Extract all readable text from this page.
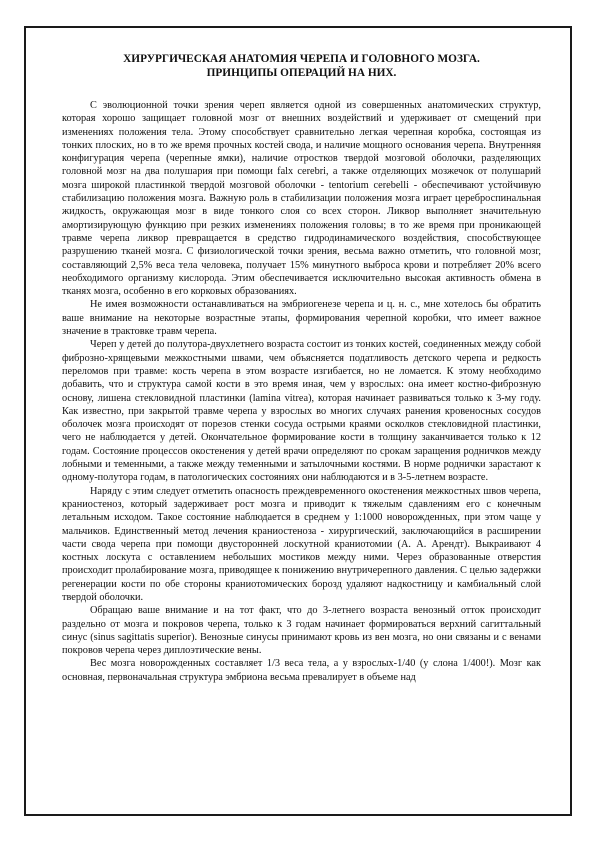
ХИРУРГИЧЕСКАЯ АНАТОМИЯ ЧЕРЕПА И ГОЛОВНОГО МОЗГА.
ПРИНЦИПЫ ОПЕРАЦИЙ НА НИХ.

С эволюционной точки зрения череп является одной из совершенных анатомических структур, которая хорошо защищает головной мозг от внешних воздействий и удерживает от смещений при изменениях положения тела. Этому способствует сравнительно легкая черепная коробка, состоящая из тонких плоских, но в то же время прочных костей свода, и наличие мощного основания черепа. Внутренняя конфигурация черепа (черепные ямки), наличие отростков твердой мозговой оболочки, разделяющих головной мозг на два полушария при помощи falx cerebri, а также отделяющих мозжечок от полушарий мозга широкой пластинкой твердой мозговой оболочки - tentorium cerebelli - обеспечивают устойчивую стабилизацию положения мозга. Важную роль в стабилизации положения мозга играет цереброспинальная жидкость, окружающая мозг в виде тонкого слоя со всех сторон. Ликвор выполняет значительную амортизирующую функцию при резких изменениях положения головы; в то же время при проникающей травме черепа ликвор превращается в средство гидродинамического воздействия, способствующее разрушению тканей мозга. С физиологической точки зрения, весьма важно отметить, что головной мозг, составляющий 2,5% веса тела человека, получает 15% минутного выброса крови и потребляет 20% всего необходимого организму кислорода. Этим обеспечивается исключительно высокая активность обмена в тканях мозга, особенно в его корковых образованиях.

Не имея возможности останавливаться на эмбриогенезе черепа и ц. н. с., мне хотелось бы обратить ваше внимание на некоторые возрастные этапы, формирования черепной коробки, что имеет важное значение в трактовке травм черепа.

Череп у детей до полутора-двухлетнего возраста состоит из тонких костей, соединенных между собой фиброзно-хрящевыми межкостными швами, чем объясняется податливость детского черепа и редкость переломов при травме: кость черепа в этом возрасте изгибается, но не ломается. К этому необходимо добавить, что и структура самой кости в это время иная, чем у взрослых: она имеет костно-фиброзную основу, лишена стекловидной пластинки (lamina vitrea), которая начинает развиваться только к 3-му году. Как известно, при закрытой травме черепа у взрослых во многих случаях ранения кровеносных сосудов оболочек мозга происходят от порезов стенки сосуда острыми краями осколков стекловидной пластинки, чего не наблюдается у детей. Окончательное формирование кости в толщину заканчивается только к 12 годам. Состояние процессов окостенения у детей врачи определяют по срокам заращения родничков между лобными и теменными, а также между теменными и затылочными костями. В норме роднички зарастают к одному-полутора годам, в патологических состояниях они наблюдаются и в 3-5-летнем возрасте.

Наряду с этим следует отметить опасность преждевременного окостенения межкостных швов черепа, краниостеноз, который задерживает рост мозга и приводит к тяжелым сдавлениям его с конечным летальным исходом. Такое состояние наблюдается в среднем у 1:1000 новорожденных, при этом чаще у мальчиков. Единственный метод лечения краниостеноза - хирургический, заключающийся в расширении части свода черепа при помощи двусторонней лоскутной краниотомии (А. А. Арендт). Выкраивают 4 костных лоскута с оставлением небольших мостиков между ними. Через образованные отверстия происходит пролабирование мозга, приводящее к понижению внутричерепного давления. С целью задержки регенерации кости по обе стороны краниотомических борозд удаляют надкостницу и камбиальный слой твердой оболочки.

Обращаю ваше внимание и на тот факт, что до 3-летнего возраста венозный отток происходит раздельно от мозга и покровов черепа, только к 3 годам начинает формироваться верхний сагиттальный синус (sinus sagittatis superior). Венозные синусы принимают кровь из вен мозга, но они связаны и с венами покровов черепа через диплоэтические вены.

Вес мозга новорожденных составляет 1/3 веса тела, а у взрослых-1/40 (у слона 1/400!). Мозг как основная, первоначальная структура эмбриона весьма превалирует в объеме над
